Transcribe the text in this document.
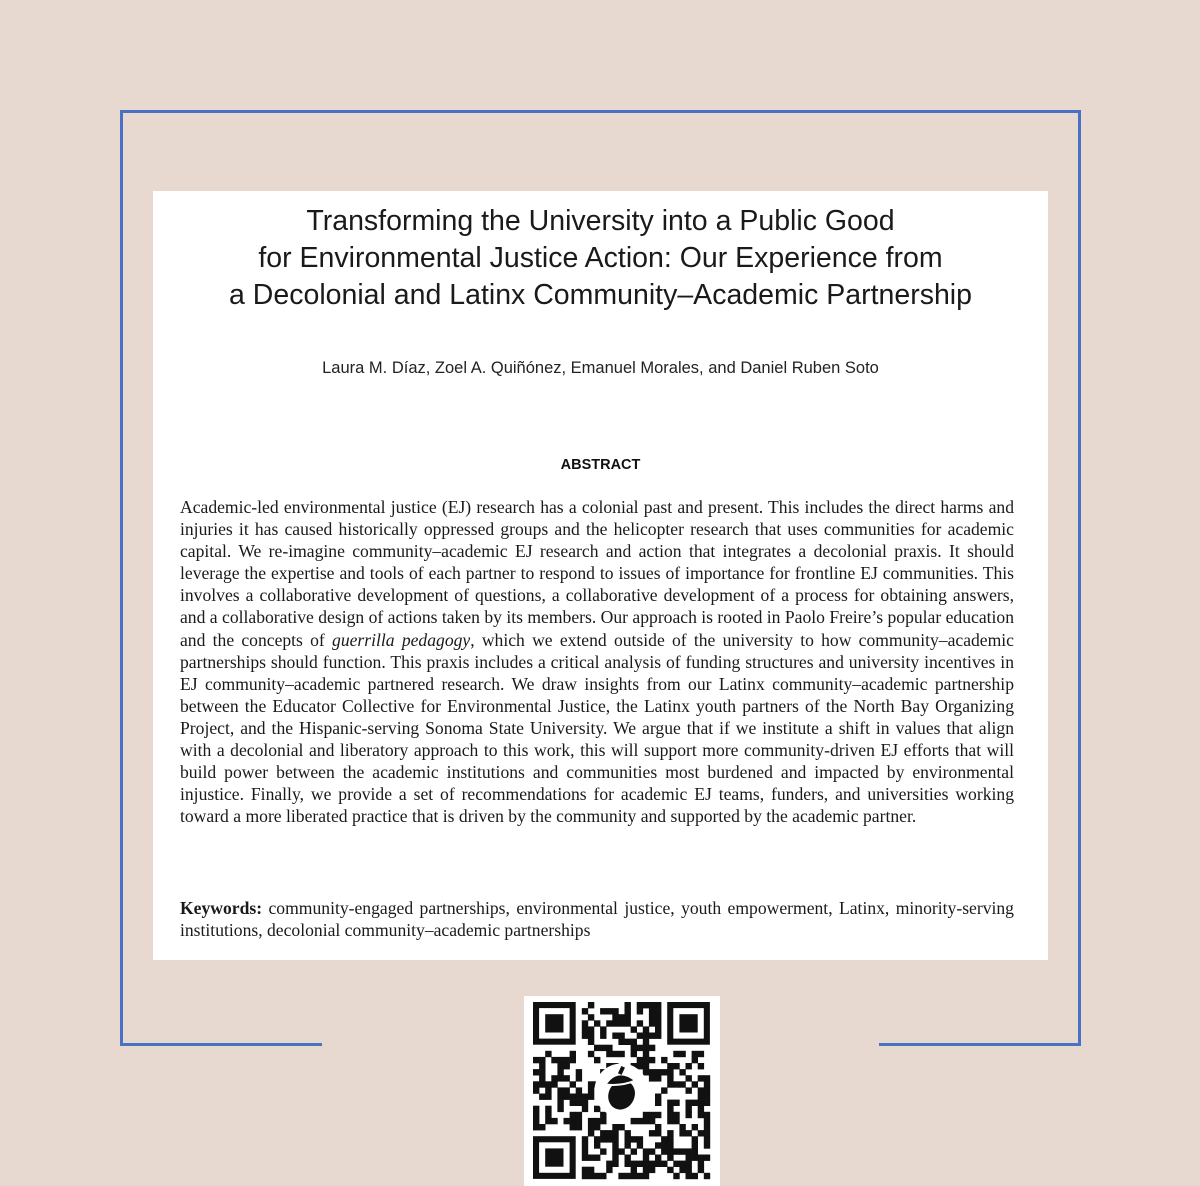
Transforming the University into a Public Good
for Environmental Justice Action: Our Experience from
a Decolonial and Latinx Community–Academic Partnership

Laura M. Díaz, Zoel A. Quiñónez, Emanuel Morales, and Daniel Ruben Soto

ABSTRACT

Academic-led environmental justice (EJ) research has a colonial past and present. This includes the direct harms and injuries it has caused historically oppressed groups and the helicopter research that uses communities for academic capital. We re-imagine community–academic EJ research and action that integrates a decolonial praxis. It should leverage the expertise and tools of each partner to respond to issues of importance for frontline EJ communities. This involves a collaborative development of questions, a collaborative development of a process for obtaining answers, and a collaborative design of actions taken by its members. Our approach is rooted in Paolo Freire’s popular education and the concepts of guerrilla pedagogy, which we extend outside of the university to how community–academic partnerships should function. This praxis includes a critical analysis of funding structures and university incentives in EJ community–academic partnered research. We draw insights from our Latinx community–academic partnership between the Educator Collective for Environmental Justice, the Latinx youth partners of the North Bay Organizing Project, and the Hispanic-serving Sonoma State University. We argue that if we institute a shift in values that align with a decolonial and liberatory approach to this work, this will support more community-driven EJ efforts that will build power between the academic institutions and communities most burdened and impacted by environmental injustice. Finally, we provide a set of recommendations for academic EJ teams, funders, and universities working toward a more liberated practice that is driven by the community and supported by the academic partner.

Keywords: community-engaged partnerships, environmental justice, youth empowerment, Latinx, minority-serving institutions, decolonial community–academic partnerships
